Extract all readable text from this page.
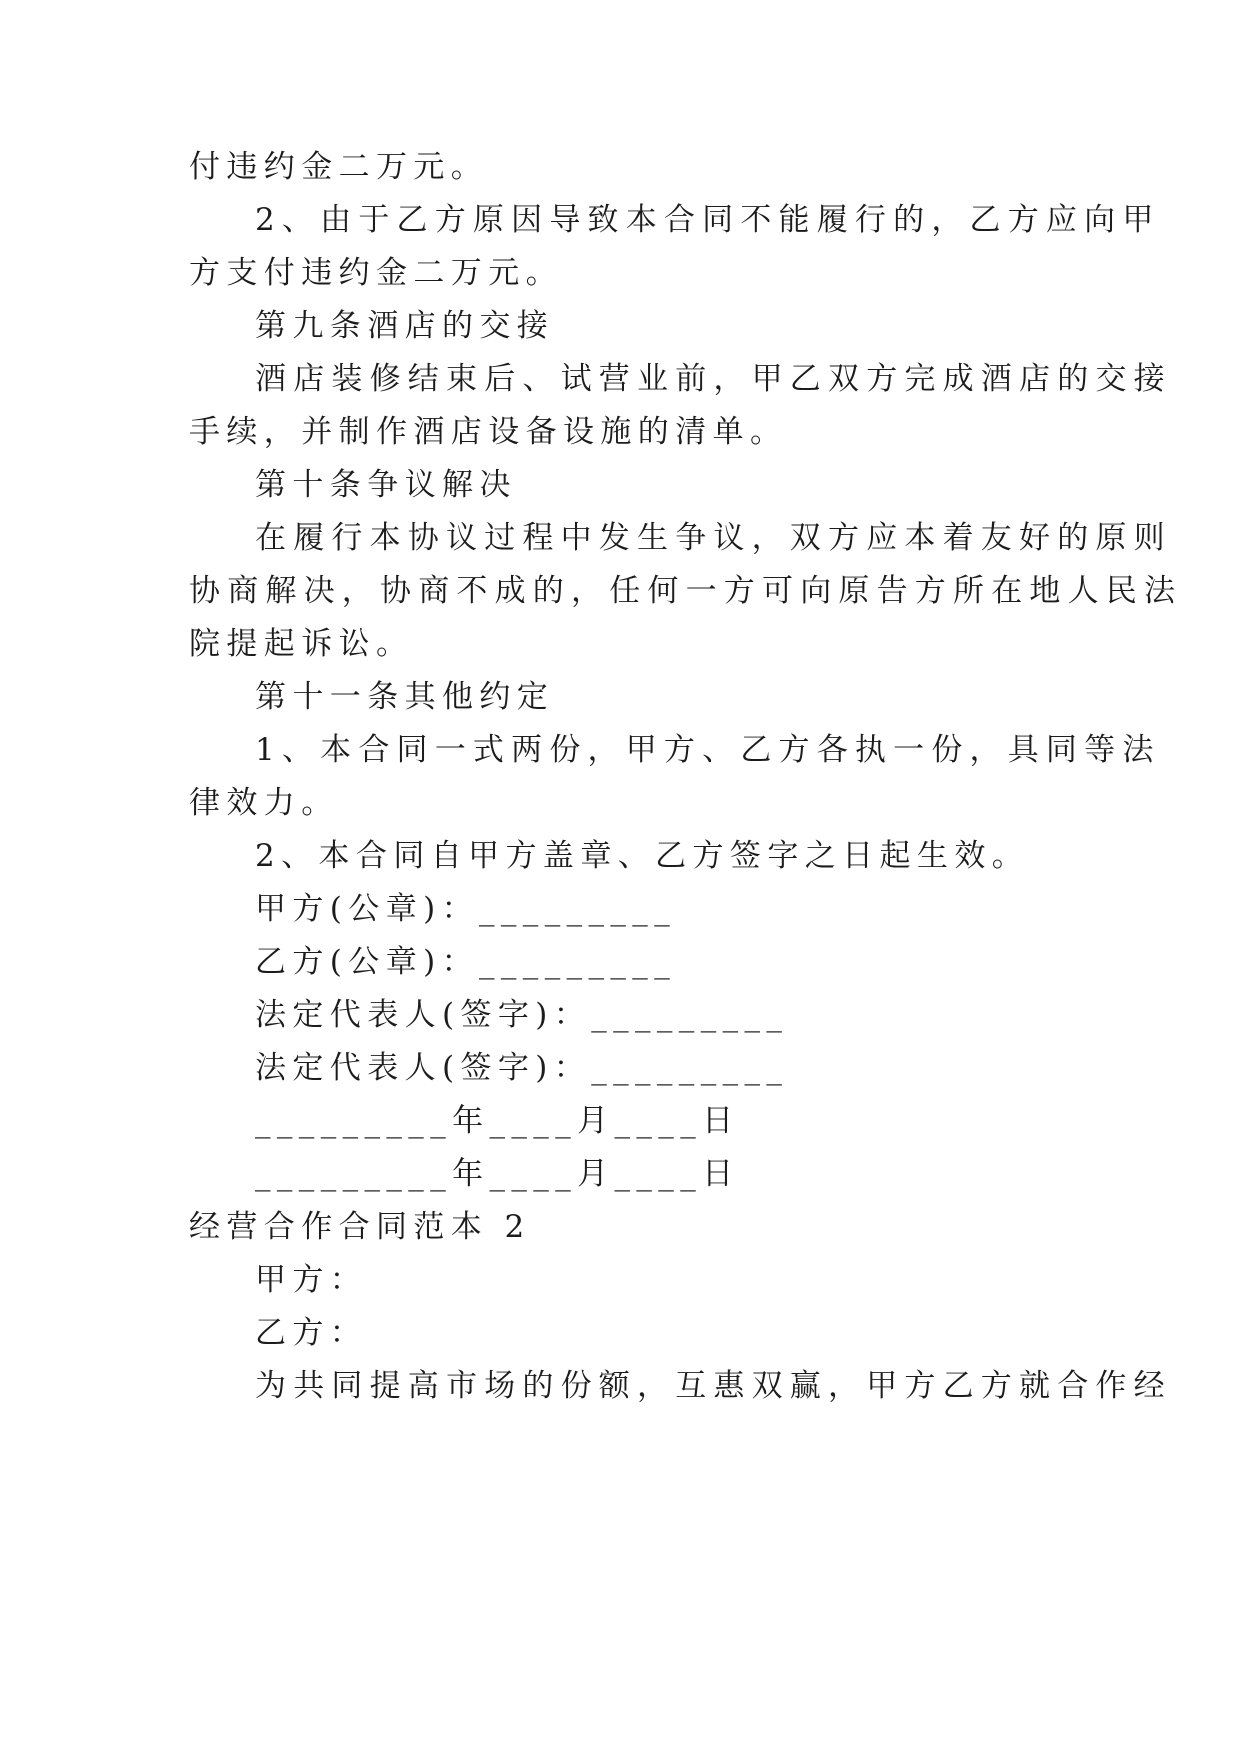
付违约金二万元。

2、由于乙方原因导致本合同不能履行的，乙方应向甲

方支付违约金二万元。

第九条酒店的交接

酒店装修结束后、试营业前，甲乙双方完成酒店的交接

手续，并制作酒店设备设施的清单。

第十条争议解决

在履行本协议过程中发生争议，双方应本着友好的原则

协商解决，协商不成的，任何一方可向原告方所在地人民法

院提起诉讼。

第十一条其他约定

1、本合同一式两份，甲方、乙方各执一份，具同等法

律效力。

2、本合同自甲方盖章、乙方签字之日起生效。

甲方(公章)：_________

乙方(公章)：_________

法定代表人(签字)：_________

法定代表人(签字)：_________

_________年____月____日

_________年____月____日

经营合作合同范本 2

甲方：

乙方：

为共同提高市场的份额，互惠双赢，甲方乙方就合作经
